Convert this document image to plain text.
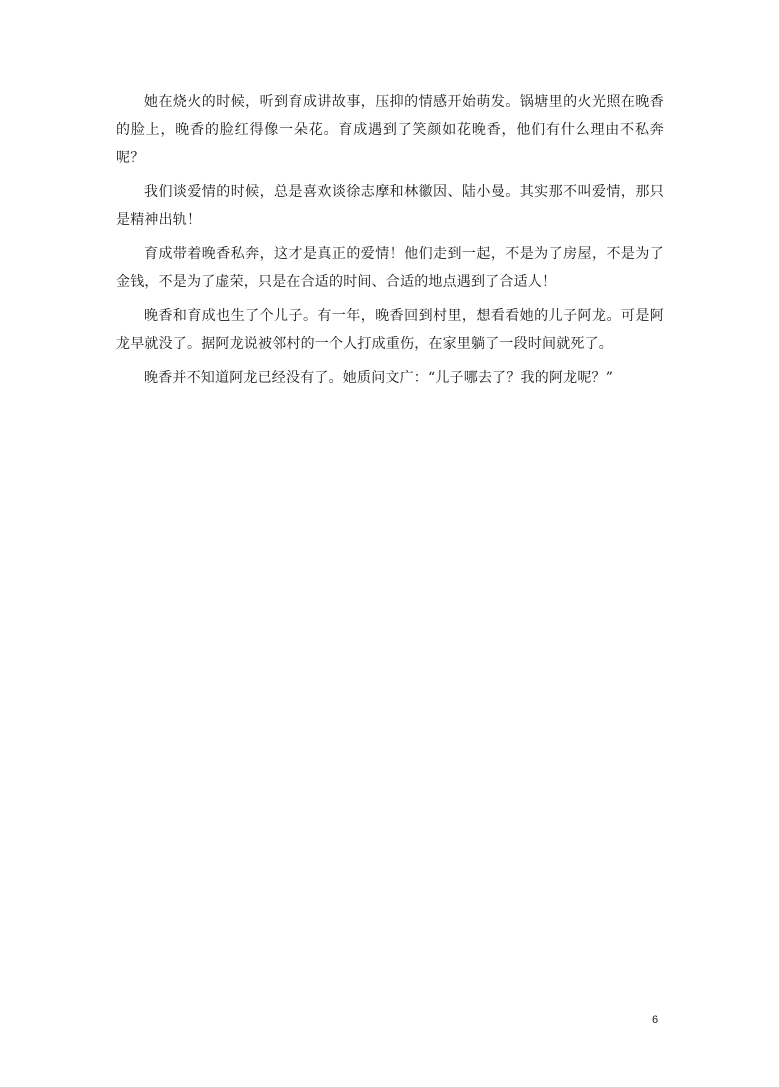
她在烧火的时候，听到育成讲故事，压抑的情感开始萌发。锅塘里的火光照在晚香的脸上，晚香的脸红得像一朵花。育成遇到了笑颜如花晚香，他们有什么理由不私奔呢？

我们谈爱情的时候，总是喜欢谈徐志摩和林徽因、陆小曼。其实那不叫爱情，那只是精神出轨！

育成带着晚香私奔，这才是真正的爱情！他们走到一起，不是为了房屋，不是为了金钱，不是为了虚荣，只是在合适的时间、合适的地点遇到了合适人！

晚香和育成也生了个儿子。有一年，晚香回到村里，想看看她的儿子阿龙。可是阿龙早就没了。据阿龙说被邻村的一个人打成重伤，在家里躺了一段时间就死了。

晚香并不知道阿龙已经没有了。她质问文广：“儿子哪去了？我的阿龙呢？”

6
